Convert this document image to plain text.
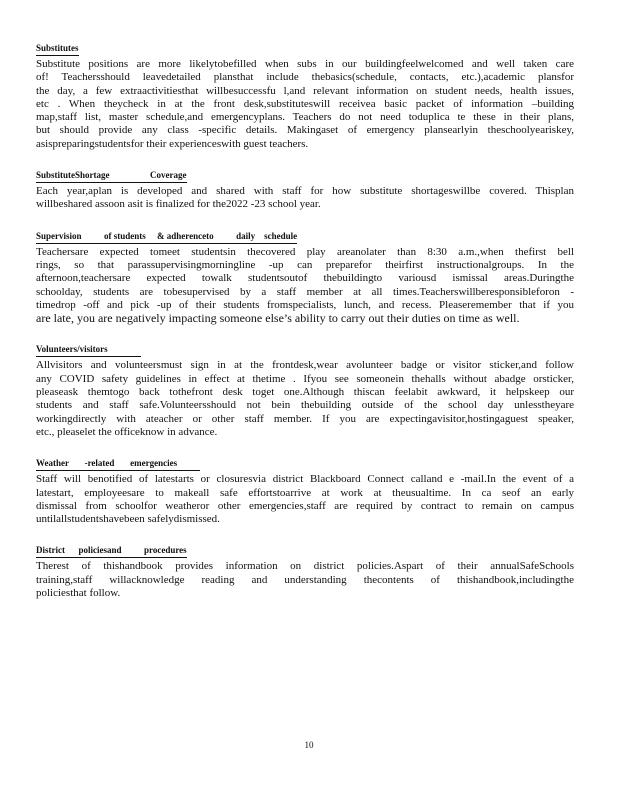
Substitutes
Substitute positions are more likelytobefilled when subs in our buildingfeelwelcomed and well taken care
of! Teachersshould leavedetailed plansthat include thebasics(schedule, contacts, etc.),academic plansfor
the day, a few extraactivitiesthat willbesuccessfu l,and relevant information on student needs, health issues,
etc . When theycheck in at the front desk,substituteswill receivea basic packet of information –building
map,staff list, master schedule,and emergencyplans. Teachers do not need toduplica te these in their plans,
but should provide any class -specific details. Makingaset of emergency plansearlyin theschoolyeariskey,
asispreparingstudentsfor their experienceswith guest teachers.
SubstituteShortage                  Coverage
Each year,aplan is developed and shared with staff for how substitute shortageswillbe covered. Thisplan
willbeshared assoon asit is finalized for the2022 -23 school year.
Supervision          of students     & adherenceto          daily    schedule
Teachersare expected tomeet studentsin thecovered play areanolater than 8:30 a.m.,when thefirst bell
rings, so that parassupervisingmorningline -up can preparefor theirfirst instructionalgroups. In the
afternoon,teachersare expected towalk studentsoutof thebuildingto variousd ismissal areas.Duringthe
schoolday, students are tobesupervised by a staff member at all times.Teacherswillberesponsibleforon -
timedrop -off and pick -up of their students fromspecialists, lunch, and recess. Pleaseremember that if you
are late, you are negatively impacting someone else’s ability to carry out their duties on time as well.
Volunteers/visitors
Allvisitors and volunteersmust sign in at the frontdesk,wear avolunteer badge or visitor sticker,and follow
any COVID safety guidelines in effect at thetime . Ifyou see someonein thehalls without abadge orsticker,
pleaseask themtogo back tothefront desk toget one.Although thiscan feelabit awkward, it helpskeep our
students and staff safe.Volunteersshould not bein thebuilding outside of the school day unlesstheyare
workingdirectly with ateacher or other staff member. If you are expectingavisitor,hostingaguest speaker,
etc., pleaselet the officeknow in advance.
Weather       -related       emergencies
Staff will benotified of latestarts or closuresvia district Blackboard Connect calland e -mail.In the event of a
latestart, employeesare to makeall safe effortstoarrive at work at theusualtime. In ca seof an early
dismissal from schoolfor weatheror other emergencies,staff are required by contract to remain on campus
untilallstudentshavebeen safelydismissed.
District      policiesand          procedures
Therest of thishandbook provides information on district policies.Aspart of their annualSafeSchools
training,staff willacknowledge reading and understanding thecontents of thishandbook,includingthe
policiesthat follow.
10
